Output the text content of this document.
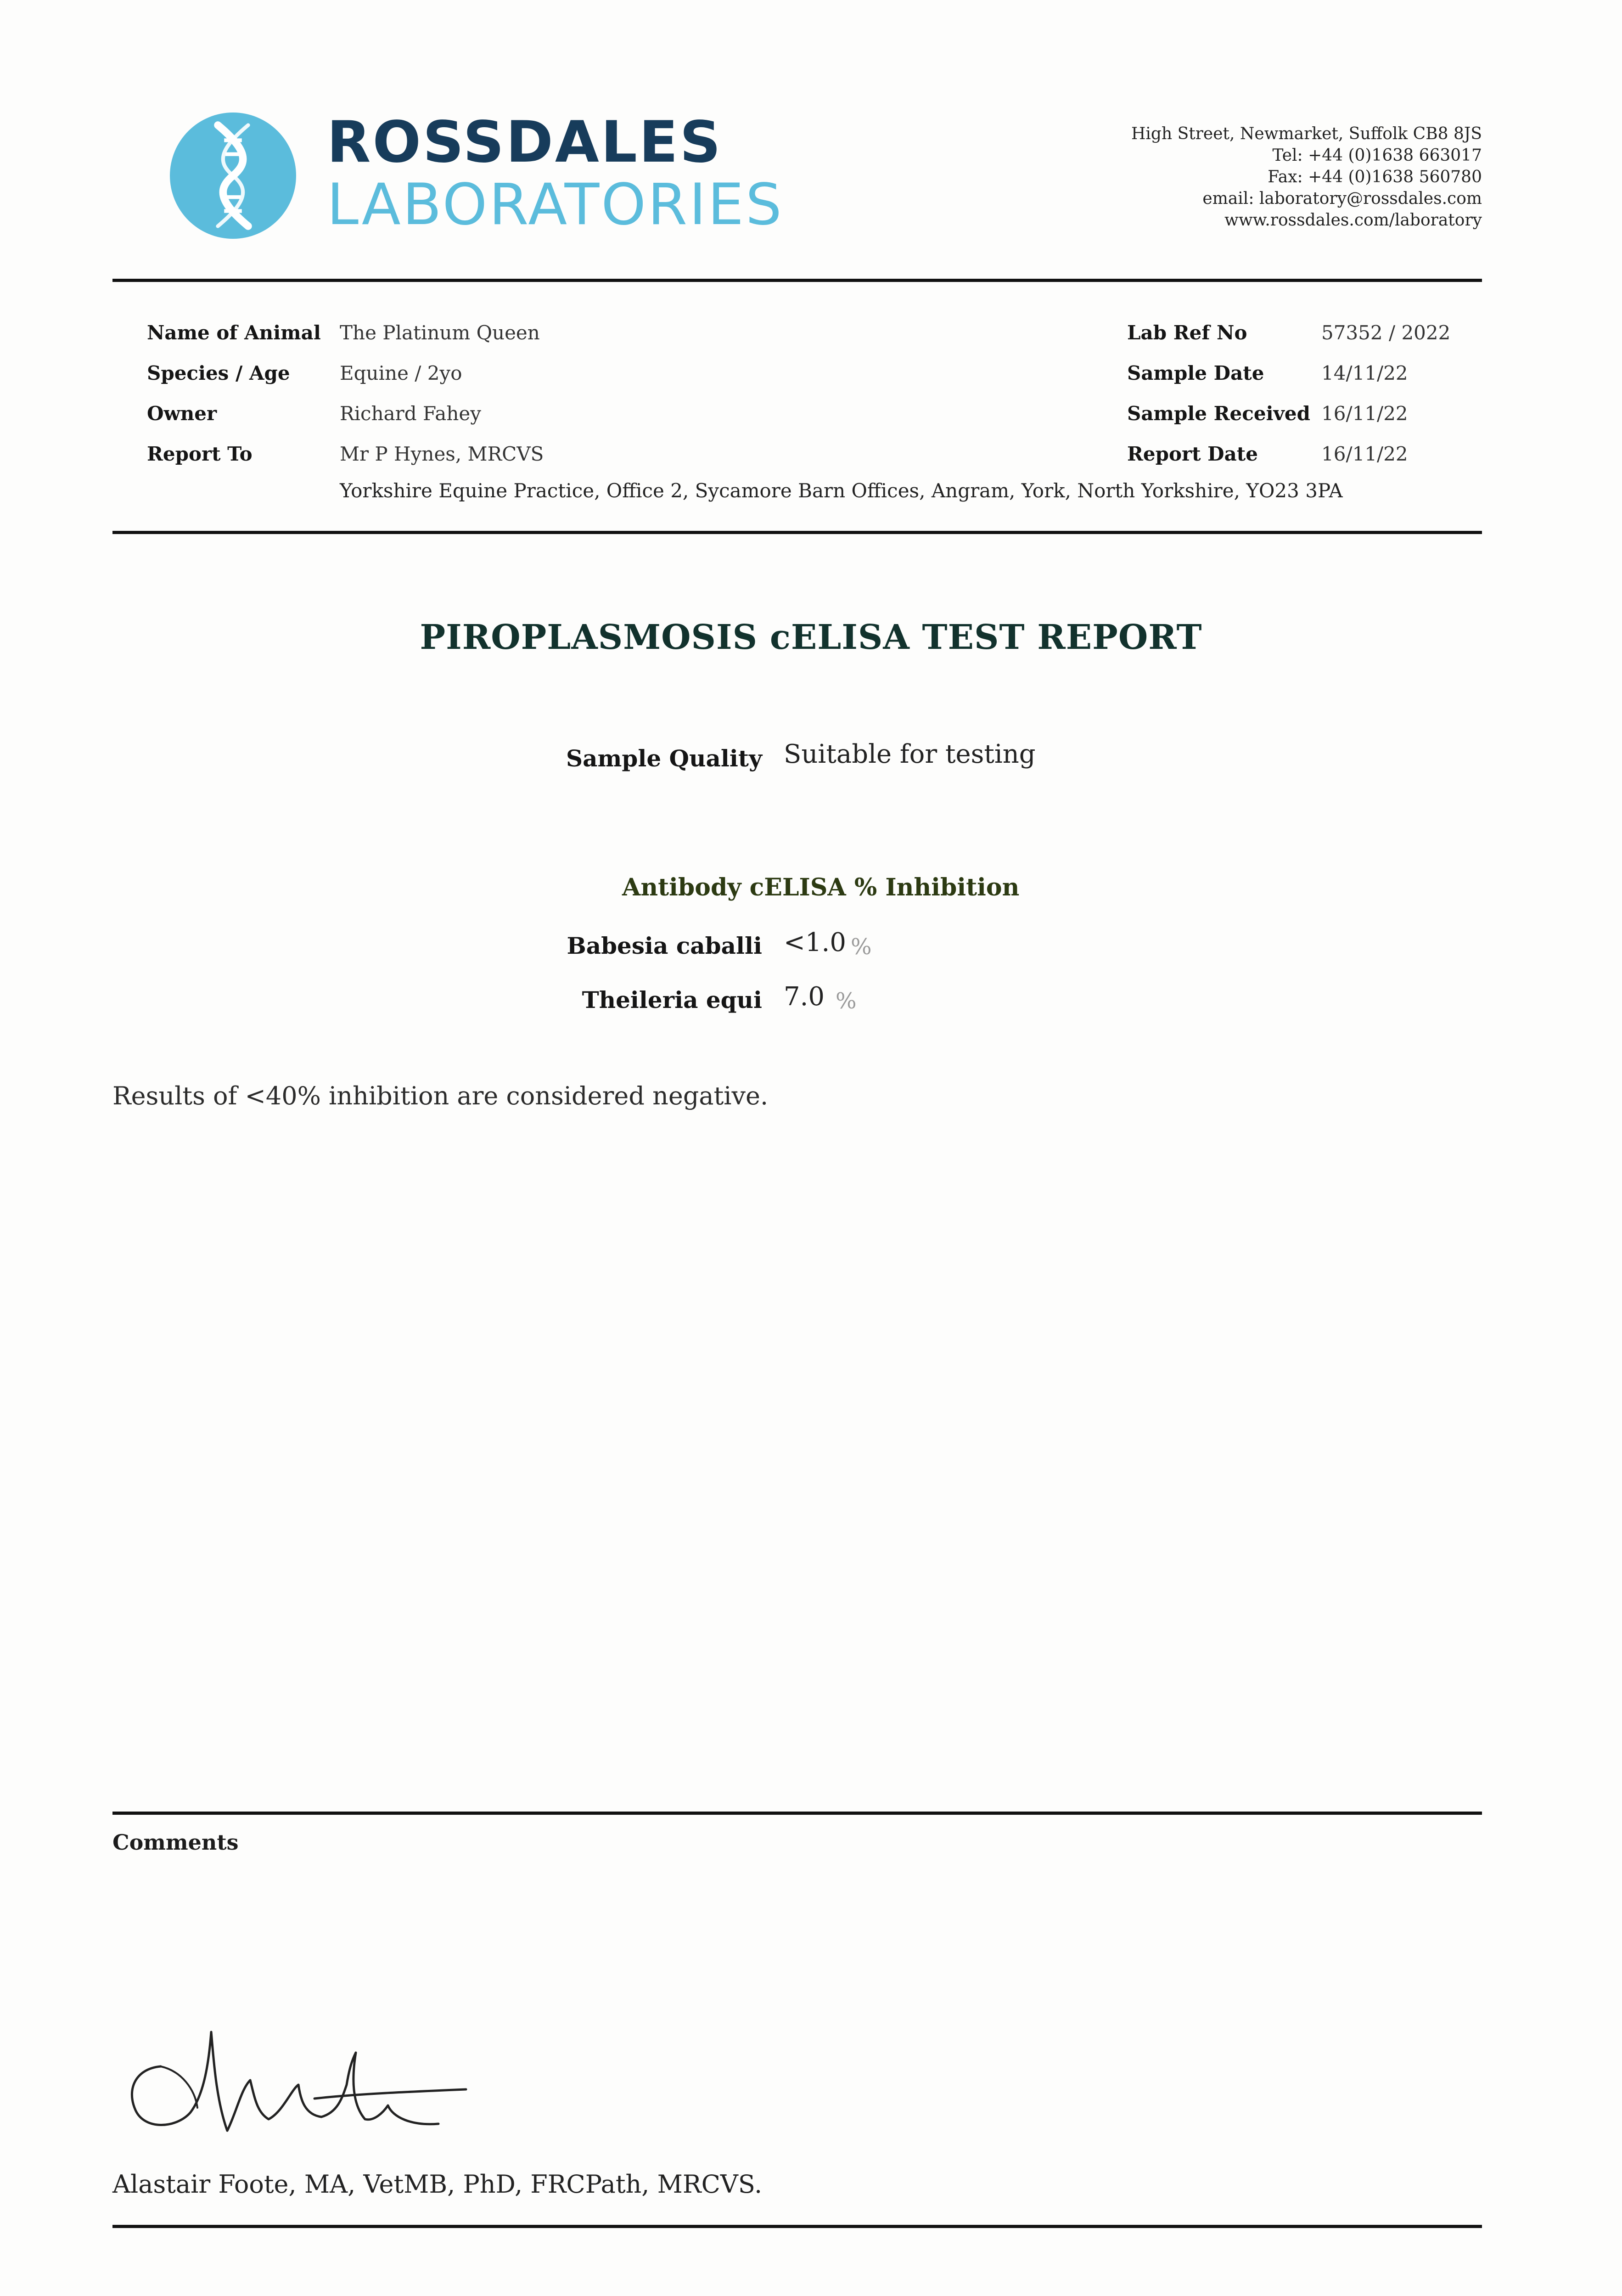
ROSSDALES
LABORATORIES
High Street, Newmarket, Suffolk CB8 8JS
Tel: +44 (0)1638 663017
Fax: +44 (0)1638 560780
email: laboratory@rossdales.com
www.rossdales.com/laboratory
Name of Animal The Platinum Queen
Species / Age	Equine / 2yo
Owner	Richard Fahey
Report To	Mr P Hynes, MRCVS
Yorkshire Equine Practice, Office 2, Sycamore Barn Offices, Angram, York, North Yorkshire, YO23 3PA
Lab Ref No	57352 / 2022
Sample Date	14/11/22
Sample Received 16/11/22
Report Date	16/11/22
PIROPLASMOSIS cELISA TEST REPORT
Sample Quality Suitable for testing
Antibody cELISA % Inhibition
Babesia caballi <1.0 %
Theileria equi 7.0 %
Results of <40% inhibition are considered negative.
Comments
Alastair Foote, MA, VetMB, PhD, FRCPath, MRCVS.
